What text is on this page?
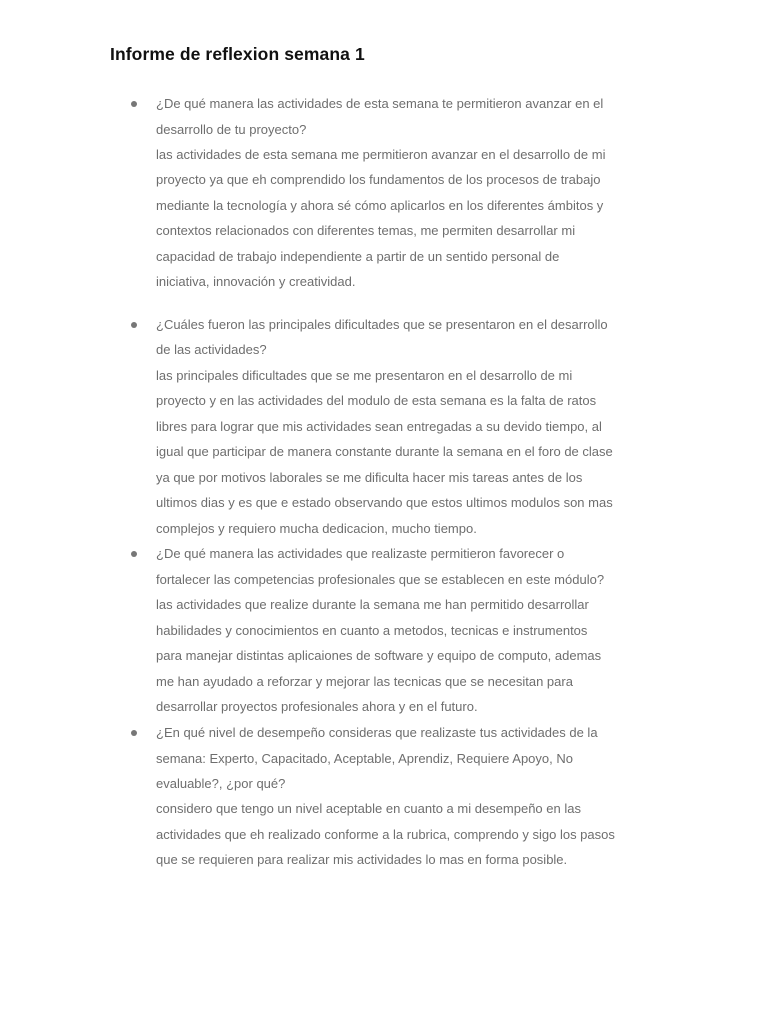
Informe de reflexion semana 1

¿De qué manera las actividades de esta semana te permitieron avanzar en el

desarrollo de tu proyecto?

las actividades de esta semana me permitieron avanzar en el desarrollo de mi

proyecto ya que eh comprendido los fundamentos de los procesos de trabajo

mediante la tecnología y ahora sé cómo aplicarlos en los diferentes ámbitos y

contextos relacionados con diferentes temas, me permiten desarrollar mi

capacidad de trabajo independiente a partir de un sentido personal de

iniciativa, innovación y creatividad.

¿Cuáles fueron las principales dificultades que se presentaron en el desarrollo

de las actividades?

las principales dificultades que se me presentaron en el desarrollo de mi

proyecto y en las actividades del modulo de esta semana es la falta de ratos

libres para lograr que mis actividades sean entregadas a su devido tiempo, al

igual que participar de manera constante durante la semana en el foro de clase

ya que por motivos laborales se me dificulta hacer mis tareas antes de los

ultimos dias y es que e estado observando que estos ultimos modulos son mas

complejos y requiero mucha dedicacion, mucho tiempo.

¿De qué manera las actividades que realizaste permitieron favorecer o

fortalecer las competencias profesionales que se establecen en este módulo?

las actividades que realize durante la semana me han permitido desarrollar

habilidades y conocimientos en cuanto a metodos, tecnicas e instrumentos

para manejar distintas aplicaiones de software y equipo de computo, ademas

me han ayudado a reforzar y mejorar las tecnicas que se necesitan para

desarrollar proyectos profesionales ahora y en el futuro.

¿En qué nivel de desempeño consideras que realizaste tus actividades de la

semana: Experto, Capacitado, Aceptable, Aprendiz, Requiere Apoyo, No

evaluable?, ¿por qué?

considero que tengo un nivel aceptable en cuanto a mi desempeño en las

actividades que eh realizado conforme a la rubrica, comprendo y sigo los pasos

que se requieren para realizar mis actividades lo mas en forma posible.
